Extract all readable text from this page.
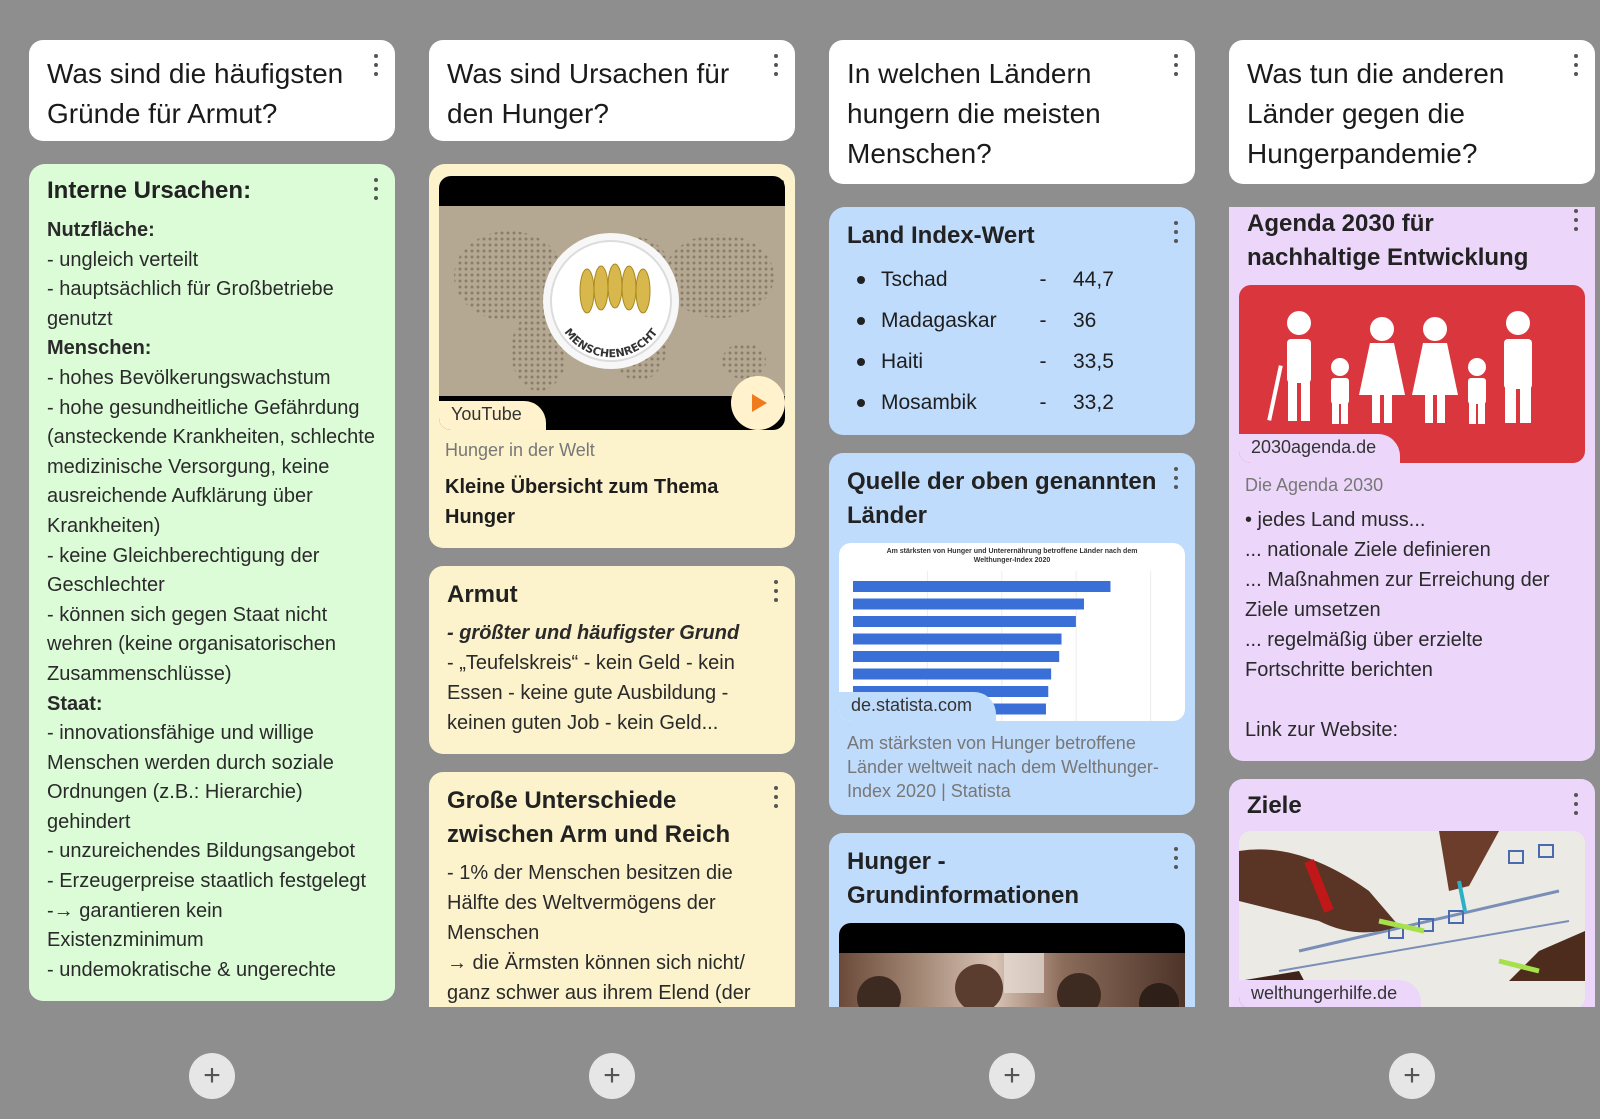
Was sind die häufigsten Gründe für Armut?
Interne Ursachen:
Nutzfläche:
- ungleich verteilt
- hauptsächlich für Großbetriebe genutzt
Menschen:
- hohes Bevölkerungswachstum
- hohe gesundheitliche Gefährdung (ansteckende Krankheiten, schlechte medizinische Versorgung, keine ausreichende Aufklärung über Krankheiten)
- keine Gleichberechtigung der Geschlechter
- können sich gegen Staat nicht wehren (keine organisatorischen Zusammenschlüsse)
Staat:
- innovationsfähige und willige Menschen werden durch soziale Ordnungen (z.B.: Hierarchie) gehindert
- unzureichendes Bildungsangebot
- Erzeugerpreise staatlich festgelegt -→ garantieren kein Existenzminimum
- undemokratische & ungerechte
+
Was sind Ursachen für den Hunger?
MENSCHENRECHT
YouTube
Hunger in der Welt
Kleine Übersicht zum Thema Hunger
Armut
- größter und häufigster Grund
- „Teufelskreis“ - kein Geld - kein Essen - keine gute Ausbildung - keinen guten Job - kein Geld...
Große Unterschiede zwischen Arm und Reich
- 1% der Menschen besitzen die Hälfte des Weltvermögens der Menschen
→ die Ärmsten können sich nicht/ ganz schwer aus ihrem Elend (der
+
In welchen Ländern hungern die meisten Menschen?
Land Index-Wert
Tschad	-	44,7
Madagaskar	-	36
Haiti	-	33,5
Mosambik	-	33,2
Quelle der oben genannten Länder
Am stärksten von Hunger und Unterernährung betroffene Länder nach dem Welthunger-Index 2020
de.statista.com
Am stärksten von Hunger betroffene Länder weltweit nach dem Welthunger-Index 2020 | Statista
Hunger - Grundinformationen
+
Was tun die anderen Länder gegen die Hungerpandemie?
Agenda 2030 für nachhaltige Entwicklung
2030agenda.de
Die Agenda 2030
• jedes Land muss...
... nationale Ziele definieren
... Maßnahmen zur Erreichung der Ziele umsetzen
... regelmäßig über erzielte Fortschritte berichten
Link zur Website:
Ziele
welthungerhilfe.de
+
